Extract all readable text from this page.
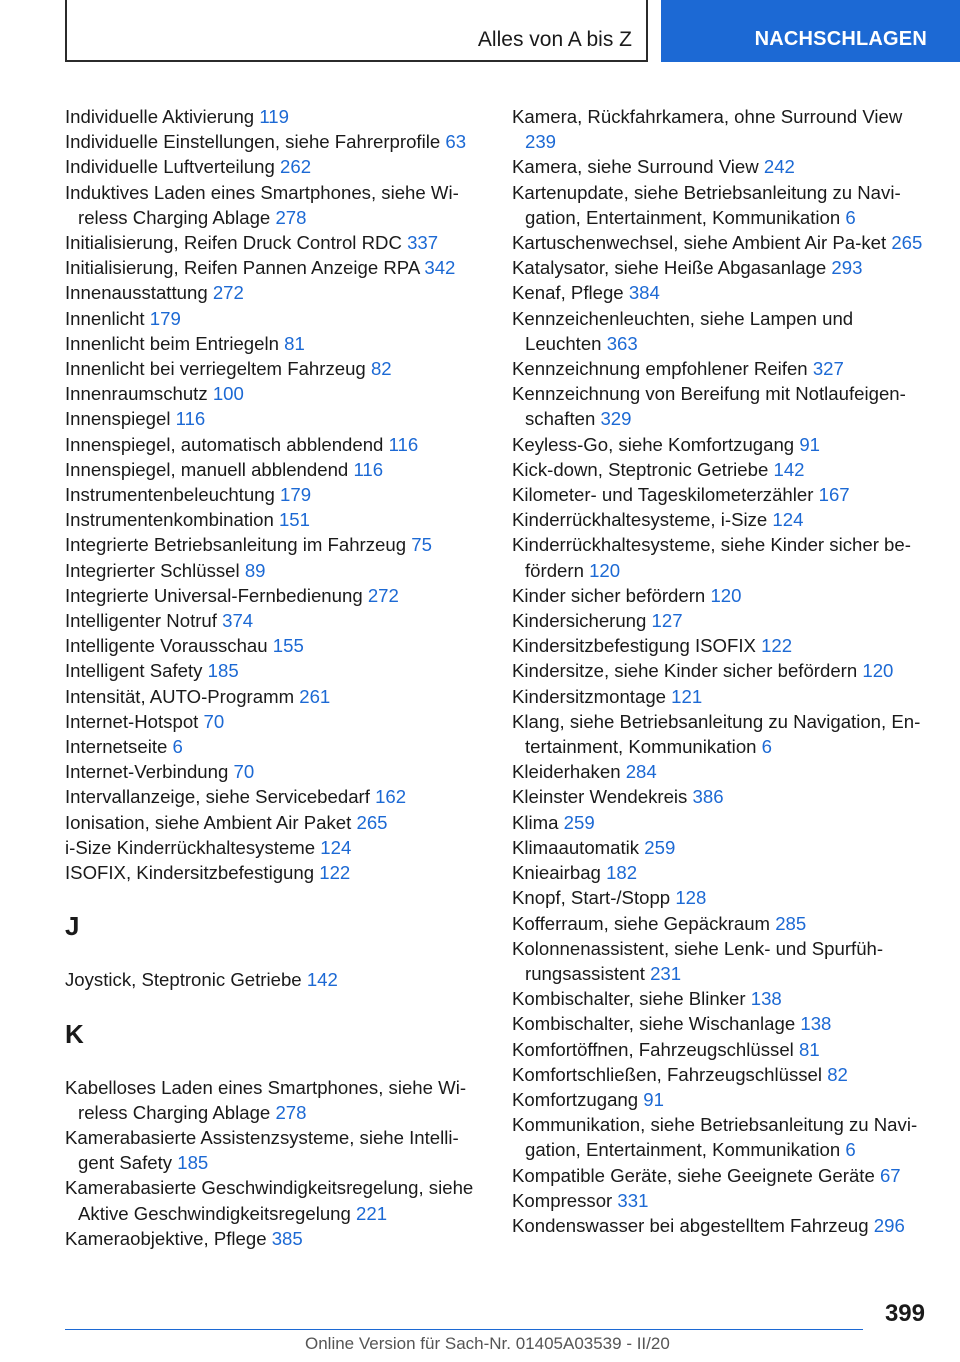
Alles von A bis Z	NACHSCHLAGEN
Individuelle Aktivierung 119
Individuelle Einstellungen, siehe Fahrerprofile 63
Individuelle Luftverteilung 262
Induktives Laden eines Smartphones, siehe Wi-reless Charging Ablage 278
Initialisierung, Reifen Druck Control RDC 337
Initialisierung, Reifen Pannen Anzeige RPA 342
Innenausstattung 272
Innenlicht 179
Innenlicht beim Entriegeln 81
Innenlicht bei verriegeltem Fahrzeug 82
Innenraumschutz 100
Innenspiegel 116
Innenspiegel, automatisch abblendend 116
Innenspiegel, manuell abblendend 116
Instrumentenbeleuchtung 179
Instrumentenkombination 151
Integrierte Betriebsanleitung im Fahrzeug 75
Integrierter Schlüssel 89
Integrierte Universal-Fernbedienung 272
Intelligenter Notruf 374
Intelligente Vorausschau 155
Intelligent Safety 185
Intensität, AUTO-Programm 261
Internet-Hotspot 70
Internetseite 6
Internet-Verbindung 70
Intervallanzeige, siehe Servicebedarf 162
Ionisation, siehe Ambient Air Paket 265
i-Size Kinderrückhaltesysteme 124
ISOFIX, Kindersitzbefestigung 122
J
Joystick, Steptronic Getriebe 142
K
Kabelloses Laden eines Smartphones, siehe Wi-reless Charging Ablage 278
Kamerabasierte Assistenzsysteme, siehe Intelli-gent Safety 185
Kamerabasierte Geschwindigkeitsregelung, siehe Aktive Geschwindigkeitsregelung 221
Kameraobjektive, Pflege 385
Kamera, Rückfahrkamera, ohne Surround View 239
Kamera, siehe Surround View 242
Kartenupdate, siehe Betriebsanleitung zu Navi-gation, Entertainment, Kommunikation 6
Kartuschenwechsel, siehe Ambient Air Pa-ket 265
Katalysator, siehe Heiße Abgasanlage 293
Kenaf, Pflege 384
Kennzeichenleuchten, siehe Lampen und Leuchten 363
Kennzeichnung empfohlener Reifen 327
Kennzeichnung von Bereifung mit Notlaufeigen-schaften 329
Keyless-Go, siehe Komfortzugang 91
Kick-down, Steptronic Getriebe 142
Kilometer- und Tageskilometerzähler 167
Kinderrückhaltesysteme, i-Size 124
Kinderrückhaltesysteme, siehe Kinder sicher be-fördern 120
Kinder sicher befördern 120
Kindersicherung 127
Kindersitzbefestigung ISOFIX 122
Kindersitze, siehe Kinder sicher befördern 120
Kindersitzmontage 121
Klang, siehe Betriebsanleitung zu Navigation, En-tertainment, Kommunikation 6
Kleiderhaken 284
Kleinster Wendekreis 386
Klima 259
Klimaautomatik 259
Knieairbag 182
Knopf, Start-/Stopp 128
Kofferraum, siehe Gepäckraum 285
Kolonnenassistent, siehe Lenk- und Spurfüh-rungsassistent 231
Kombischalter, siehe Blinker 138
Kombischalter, siehe Wischanlage 138
Komfortöffnen, Fahrzeugschlüssel 81
Komfortschließen, Fahrzeugschlüssel 82
Komfortzugang 91
Kommunikation, siehe Betriebsanleitung zu Navi-gation, Entertainment, Kommunikation 6
Kompatible Geräte, siehe Geeignete Geräte 67
Kompressor 331
Kondenswasser bei abgestelltem Fahrzeug 296
399
Online Version für Sach-Nr. 01405A03539 - II/20
